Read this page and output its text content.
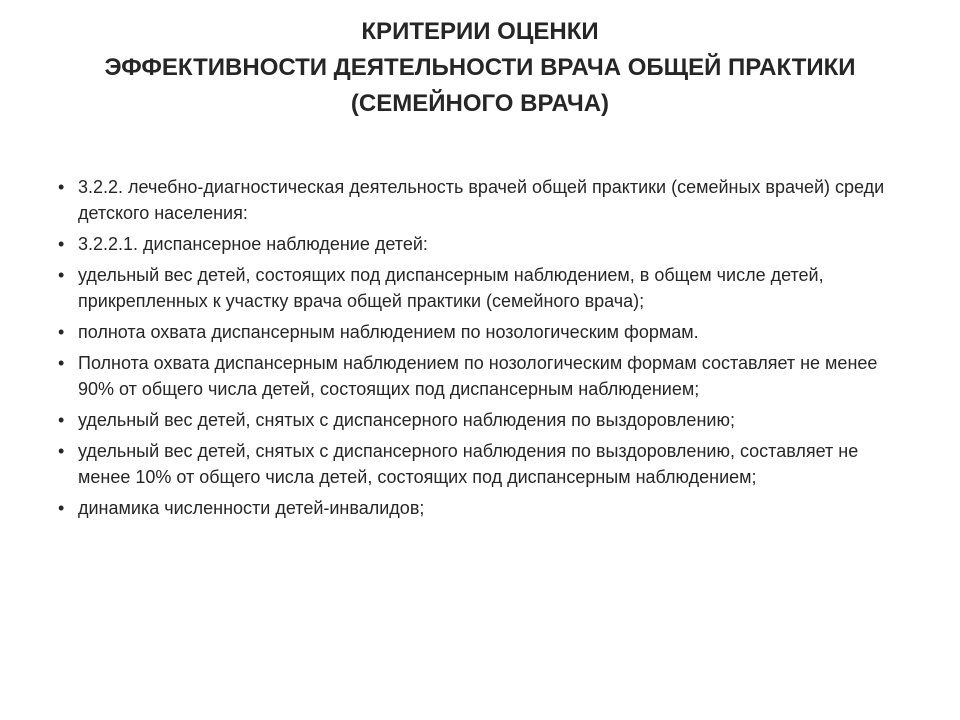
КРИТЕРИИ ОЦЕНКИ
ЭФФЕКТИВНОСТИ ДЕЯТЕЛЬНОСТИ ВРАЧА ОБЩЕЙ ПРАКТИКИ
(СЕМЕЙНОГО ВРАЧА)
• 3.2.2. лечебно-диагностическая деятельность врачей общей практики (семейных врачей) среди детского населения:
• 3.2.2.1. диспансерное наблюдение детей:
• удельный вес детей, состоящих под диспансерным наблюдением, в общем числе детей, прикрепленных к участку врача общей практики (семейного врача);
• полнота охвата диспансерным наблюдением по нозологическим формам.
• Полнота охвата диспансерным наблюдением по нозологическим формам составляет не менее 90% от общего числа детей, состоящих под диспансерным наблюдением;
• удельный вес детей, снятых с диспансерного наблюдения по выздоровлению;
• удельный вес детей, снятых с диспансерного наблюдения по выздоровлению, составляет не менее 10% от общего числа детей, состоящих под диспансерным наблюдением;
• динамика численности детей-инвалидов;
